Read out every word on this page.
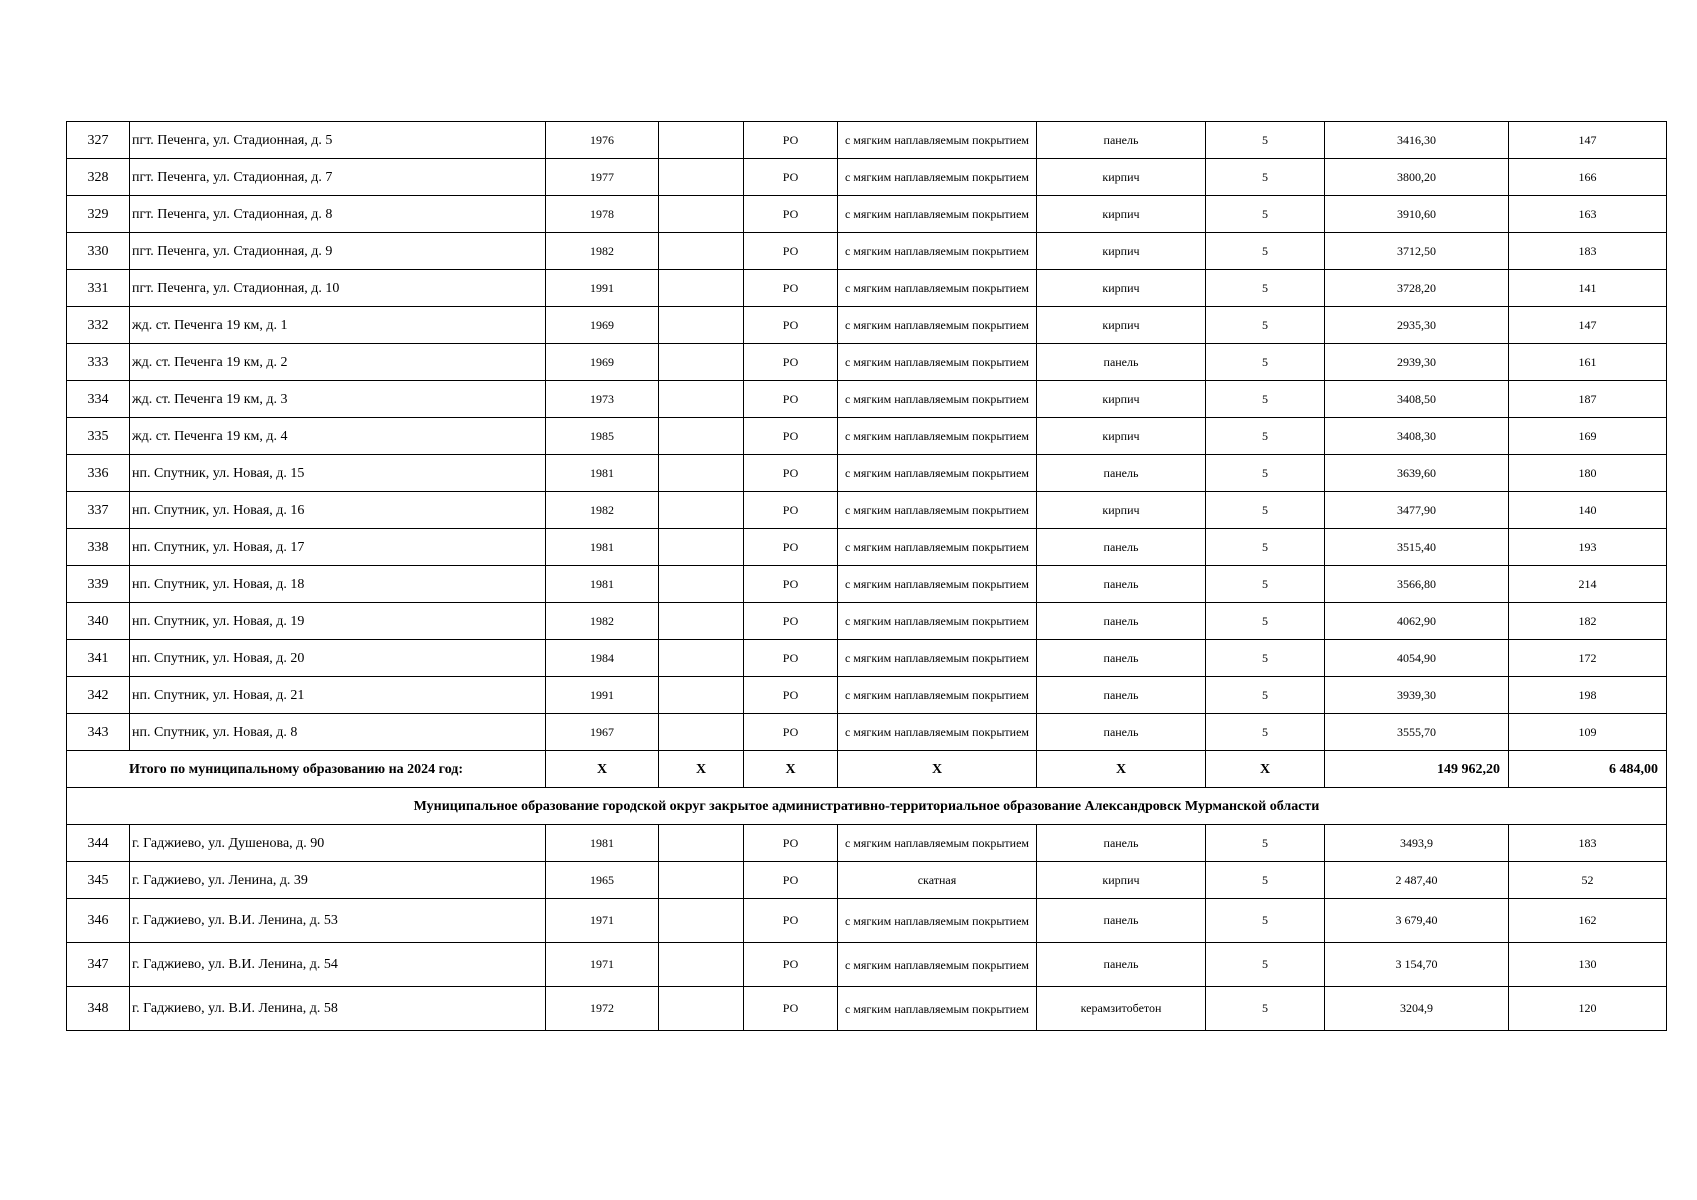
327	пгт. Печенга, ул. Стадионная, д. 5	1976		РО	с мягким наплавляемым покрытием	панель	5	3416,30	147
328	пгт. Печенга, ул. Стадионная, д. 7	1977		РО	с мягким наплавляемым покрытием	кирпич	5	3800,20	166
329	пгт. Печенга, ул. Стадионная, д. 8	1978		РО	с мягким наплавляемым покрытием	кирпич	5	3910,60	163
330	пгт. Печенга, ул. Стадионная, д. 9	1982		РО	с мягким наплавляемым покрытием	кирпич	5	3712,50	183
331	пгт. Печенга, ул. Стадионная, д. 10	1991		РО	с мягким наплавляемым покрытием	кирпич	5	3728,20	141
332	жд. ст. Печенга 19 км, д. 1	1969		РО	с мягким наплавляемым покрытием	кирпич	5	2935,30	147
333	жд. ст. Печенга 19 км, д. 2	1969		РО	с мягким наплавляемым покрытием	панель	5	2939,30	161
334	жд. ст. Печенга 19 км, д. 3	1973		РО	с мягким наплавляемым покрытием	кирпич	5	3408,50	187
335	жд. ст. Печенга 19 км, д. 4	1985		РО	с мягким наплавляемым покрытием	кирпич	5	3408,30	169
336	нп. Спутник, ул. Новая, д. 15	1981		РО	с мягким наплавляемым покрытием	панель	5	3639,60	180
337	нп. Спутник, ул. Новая, д. 16	1982		РО	с мягким наплавляемым покрытием	кирпич	5	3477,90	140
338	нп. Спутник, ул. Новая, д. 17	1981		РО	с мягким наплавляемым покрытием	панель	5	3515,40	193
339	нп. Спутник, ул. Новая, д. 18	1981		РО	с мягким наплавляемым покрытием	панель	5	3566,80	214
340	нп. Спутник, ул. Новая, д. 19	1982		РО	с мягким наплавляемым покрытием	панель	5	4062,90	182
341	нп. Спутник, ул. Новая, д. 20	1984		РО	с мягким наплавляемым покрытием	панель	5	4054,90	172
342	нп. Спутник, ул. Новая, д. 21	1991		РО	с мягким наплавляемым покрытием	панель	5	3939,30	198
343	нп. Спутник, ул. Новая, д. 8	1967		РО	с мягким наплавляемым покрытием	панель	5	3555,70	109
Итого по муниципальному образованию на 2024 год:		X	X	X	X	X	X	149 962,20	6 484,00
Муниципальное образование городской округ закрытое административно-территориальное образование Александровск Мурманской области									
344	г. Гаджиево, ул. Душенова, д. 90	1981		РО	с мягким наплавляемым покрытием	панель	5	3493,9	183
345	г. Гаджиево, ул. Ленина, д. 39	1965		РО	скатная	кирпич	5	2 487,40	52
346	г. Гаджиево, ул. В.И. Ленина, д. 53	1971		РО	с мягким наплавляемым покрытием	панель	5	3 679,40	162
347	г. Гаджиево, ул. В.И. Ленина, д. 54	1971		РО	с мягким наплавляемым покрытием	панель	5	3 154,70	130
348	г. Гаджиево, ул. В.И. Ленина, д. 58	1972		РО	с мягким наплавляемым покрытием	керамзитобетон	5	3204,9	120
